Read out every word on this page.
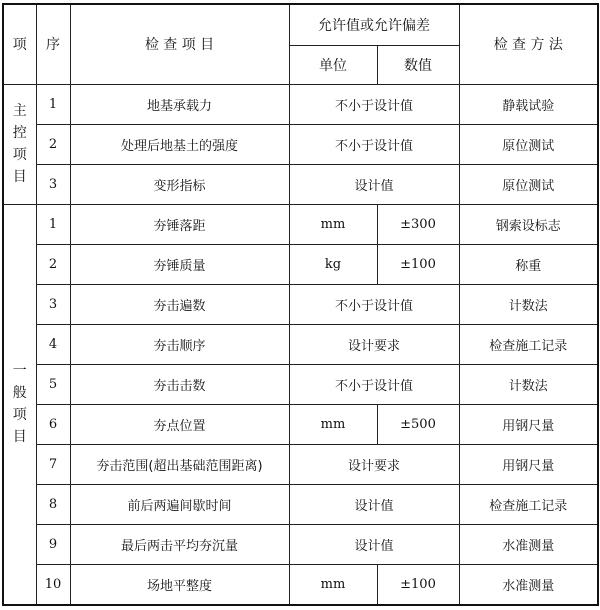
项	序	检 查 项 目	允许值或允许偏差		检 查 方 法
			单位	数值	

主
控
项
目	1	地基承载力	不小于设计值		静载试验
	2	处理后地基土的强度	不小于设计值		原位测试
	3	变形指标	设计值		原位测试

一
般
项
目	1	夯锤落距	mm	±300	钢索设标志
	2	夯锤质量	kg	±100	称重
	3	夯击遍数	不小于设计值		计数法
	4	夯击顺序	设计要求		检查施工记录
	5	夯击击数	不小于设计值		计数法
	6	夯点位置	mm	±500	用钢尺量
	7	夯击范围(超出基础范围距离)	设计要求		用钢尺量
	8	前后两遍间歇时间	设计值		检查施工记录
	9	最后两击平均夯沉量	设计值		水准测量
	10	场地平整度	mm	±100	水准测量
